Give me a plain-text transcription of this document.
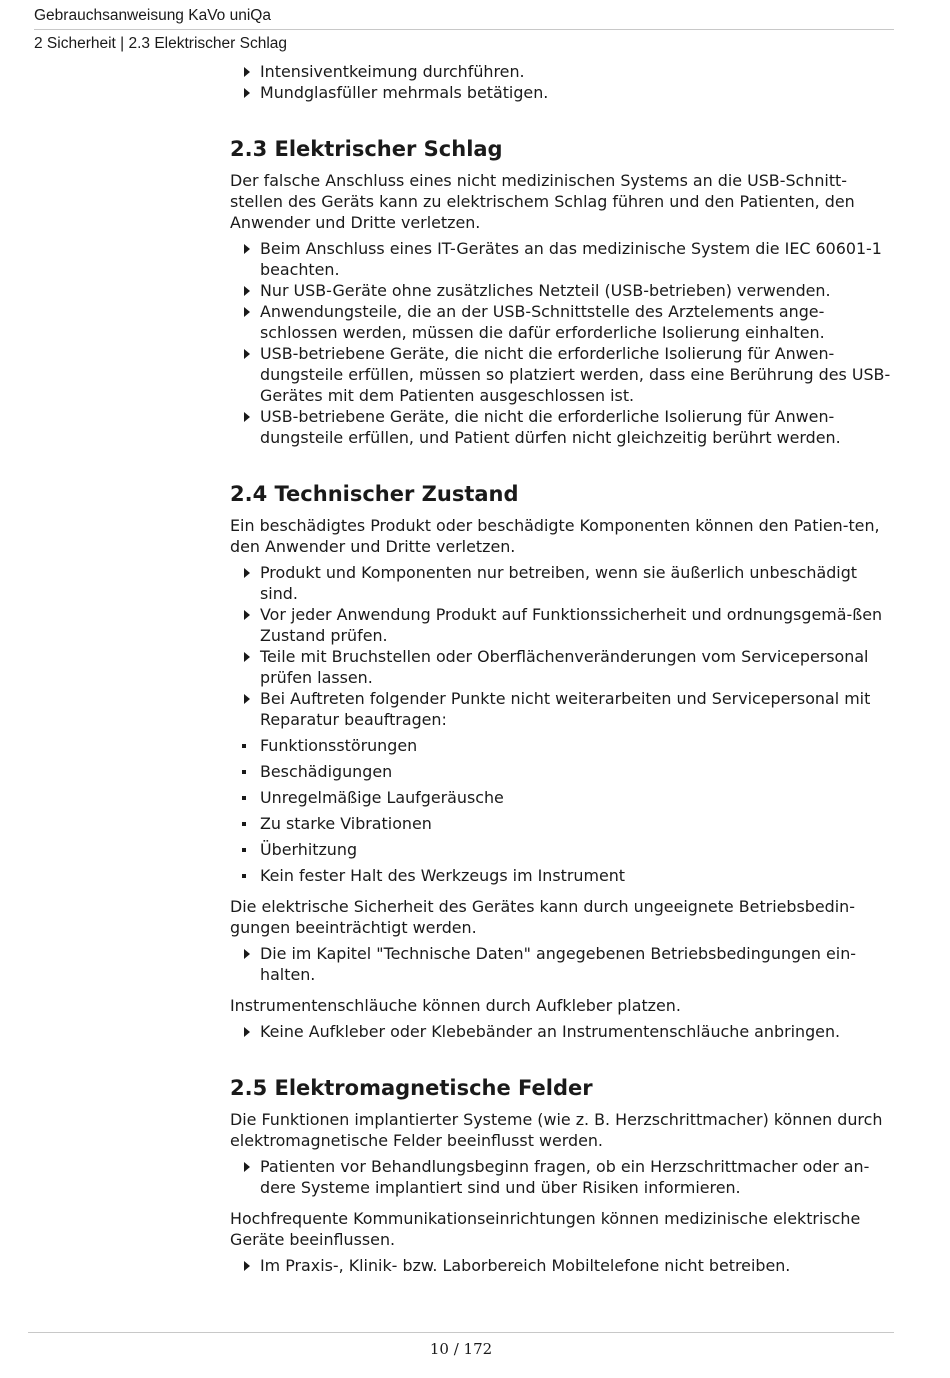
Gebrauchsanweisung KaVo uniQa
2 Sicherheit | 2.3 Elektrischer Schlag
Intensiventkeimung durchführen.
Mundglasfüller mehrmals betätigen.
2.3 Elektrischer Schlag

Der falsche Anschluss eines nicht medizinischen Systems an die USB-Schnitt-stellen des Geräts kann zu elektrischem Schlag führen und den Patienten, den Anwender und Dritte verletzen.

Beim Anschluss eines IT-Gerätes an das medizinische System die IEC 60601-1 beachten.
Nur USB-Geräte ohne zusätzliches Netzteil (USB-betrieben) verwenden.
Anwendungsteile, die an der USB-Schnittstelle des Arztelements ange-schlossen werden, müssen die dafür erforderliche Isolierung einhalten.
USB-betriebene Geräte, die nicht die erforderliche Isolierung für Anwen-dungsteile erfüllen, müssen so platziert werden, dass eine Berührung des USB-Gerätes mit dem Patienten ausgeschlossen ist.
USB-betriebene Geräte, die nicht die erforderliche Isolierung für Anwen-dungsteile erfüllen, und Patient dürfen nicht gleichzeitig berührt werden.
2.4 Technischer Zustand

Ein beschädigtes Produkt oder beschädigte Komponenten können den Patien-ten, den Anwender und Dritte verletzen.

Produkt und Komponenten nur betreiben, wenn sie äußerlich unbeschädigt sind.
Vor jeder Anwendung Produkt auf Funktionssicherheit und ordnungsgemä-ßen Zustand prüfen.
Teile mit Bruchstellen oder Oberflächenveränderungen vom Servicepersonal prüfen lassen.
Bei Auftreten folgender Punkte nicht weiterarbeiten und Servicepersonal mit Reparatur beauftragen:
Funktionsstörungen
Beschädigungen
Unregelmäßige Laufgeräusche
Zu starke Vibrationen
Überhitzung
Kein fester Halt des Werkzeugs im Instrument

Die elektrische Sicherheit des Gerätes kann durch ungeeignete Betriebsbedin-gungen beeinträchtigt werden.

Die im Kapitel "Technische Daten" angegebenen Betriebsbedingungen ein-halten.

Instrumentenschläuche können durch Aufkleber platzen.

Keine Aufkleber oder Klebebänder an Instrumentenschläuche anbringen.
2.5 Elektromagnetische Felder

Die Funktionen implantierter Systeme (wie z. B. Herzschrittmacher) können durch elektromagnetische Felder beeinflusst werden.

Patienten vor Behandlungsbeginn fragen, ob ein Herzschrittmacher oder an-dere Systeme implantiert sind und über Risiken informieren.

Hochfrequente Kommunikationseinrichtungen können medizinische elektrische Geräte beeinflussen.

Im Praxis-, Klinik- bzw. Laborbereich Mobiltelefone nicht betreiben.
10 / 172
